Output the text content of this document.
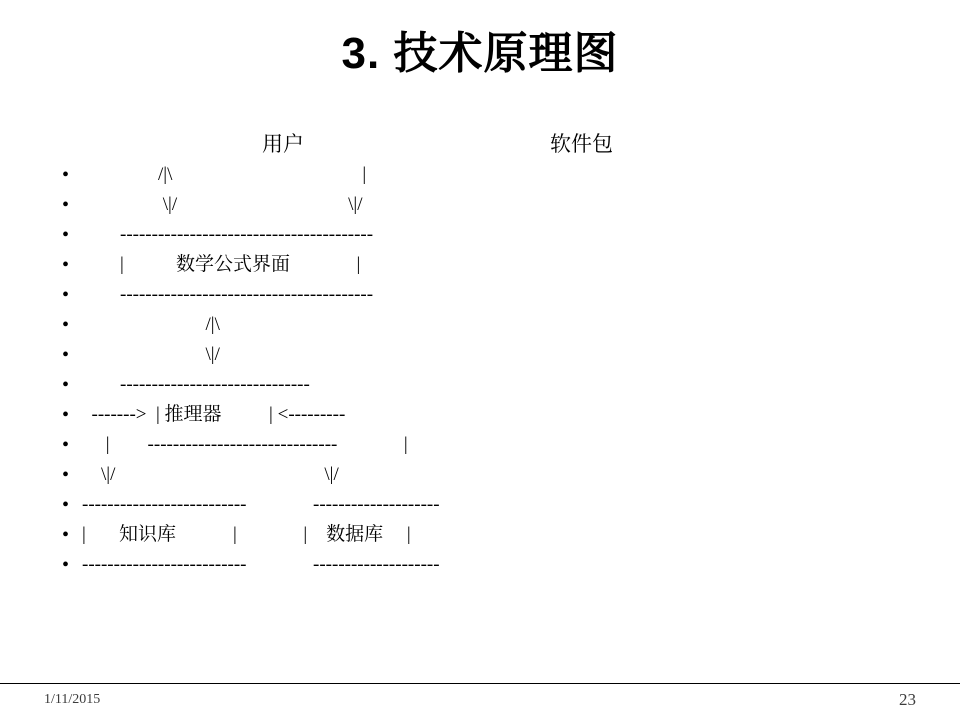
3. 技术原理图
用户	软件包
• /|\                                        |
• \|/                                    \|/
• ----------------------------------------
• |           数学公式界面              |
• ----------------------------------------
• /|\
• \|/
• ------------------------------
• ------->  | 推理器          | <---------
• |        ------------------------------              |
• \|/                                            \|/
• --------------------------              --------------------
• |       知识库            |              |    数据库     |
• --------------------------              --------------------
1/11/2015	23
